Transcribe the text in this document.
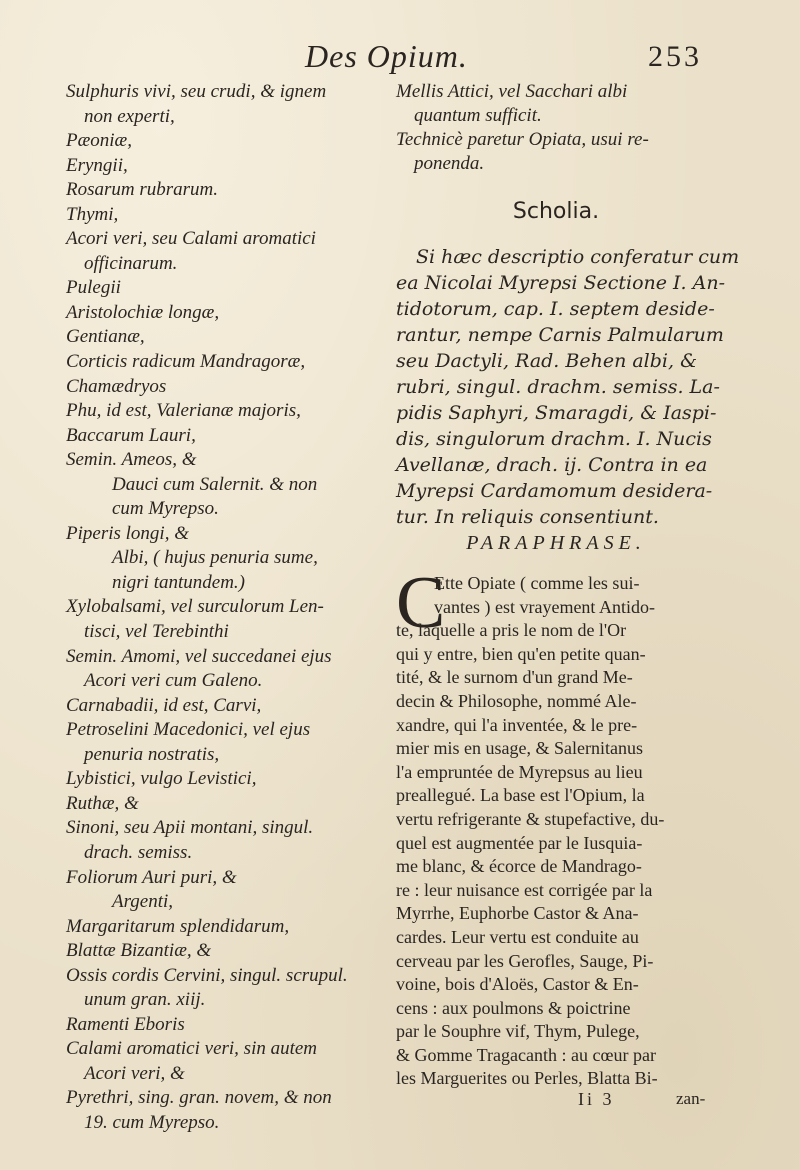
Des Opium.	253
Sulphuris vivi, seu crudi, & ignem
non experti,
Pæoniæ,
Eryngii,
Rosarum rubrarum.
Thymi,
Acori veri, seu Calami aromatici
officinarum.
Pulegii
Aristolochiæ longæ,
Gentianæ,
Corticis radicum Mandragoræ,
Chamædryos
Phu, id est, Valerianæ majoris,
Baccarum Lauri,
Semin. Ameos, &
Dauci cum Salernit. & non
cum Myrepso.
Piperis longi, &
Albi, ( hujus penuria sume,
nigri tantundem.)
Xylobalsami, vel surculorum Len-
tisci, vel Terebinthi
Semin. Amomi, vel succedanei ejus
Acori veri cum Galeno.
Carnabadii, id est, Carvi,
Petroselini Macedonici, vel ejus
penuria nostratis,
Lybistici, vulgo Levistici,
Ruthæ, &
Sinoni, seu Apii montani, singul.
drach. semiss.
Foliorum Auri puri, &
Argenti,
Margaritarum splendidarum,
Blattæ Bizantiæ, &
Ossis cordis Cervini, singul. scrupul.
unum gran. xiij.
Ramenti Eboris
Calami aromatici veri, sin autem
Acori veri, &
Pyrethri, sing. gran. novem, & non
19. cum Myrepso.
Mellis Attici, vel Sacchari albi
quantum sufficit.
Technicè paretur Opiata, usui re-
ponenda.
Scholia.
Si hæc descriptio conferatur cum
ea Nicolai Myrepsi Sectione I. An-
tidotorum, cap. I. septem deside-
rantur, nempe Carnis Palmularum
seu Dactyli, Rad. Behen albi, &
rubri, singul. drachm. semiss. La-
pidis Saphyri, Smaragdi, & Iaspi-
dis, singulorum drachm. I. Nucis
Avellanæ, drach. ij. Contra in ea
Myrepsi Cardamomum desidera-
tur. In reliquis consentiunt.
PARAPHRASE.
C
Ette Opiate ( comme les sui-
vantes ) est vrayement Antido-
te, laquelle a pris le nom de l'Or
qui y entre, bien qu'en petite quan-
tité, & le surnom d'un grand Me-
decin & Philosophe, nommé Ale-
xandre, qui l'a inventée, & le pre-
mier mis en usage, & Salernitanus
l'a empruntée de Myrepsus au lieu
preallegué. La base est l'Opium, la
vertu refrigerante & stupefactive, du-
quel est augmentée par le Iusquia-
me blanc, & écorce de Mandrago-
re : leur nuisance est corrigée par la
Myrrhe, Euphorbe Castor & Ana-
cardes. Leur vertu est conduite au
cerveau par les Gerofles, Sauge, Pi-
voine, bois d'Aloës, Castor & En-
cens : aux poulmons & poictrine
par le Souphre vif, Thym, Pulege,
& Gomme Tragacanth : au cœur par
les Marguerites ou Perles, Blatta Bi-
Ii 3	zan-
